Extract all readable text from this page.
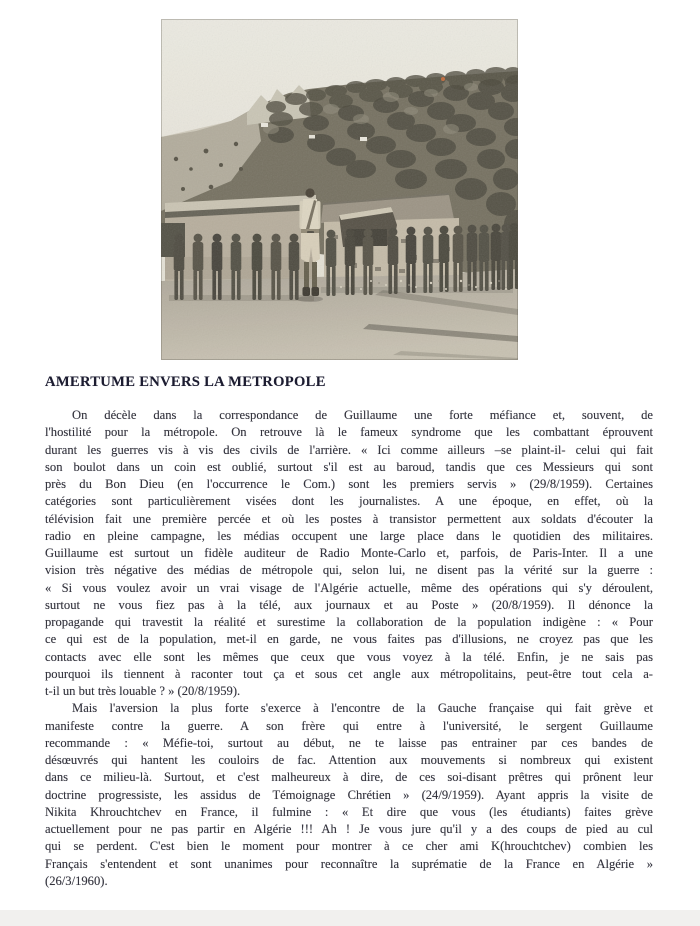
AMERTUME ENVERS LA METROPOLE
On décèle dans la correspondance de Guillaume une forte méfiance et, souvent, de
l'hostilité pour la métropole. On retrouve là le fameux syndrome que les combattant éprouvent
durant les guerres vis à vis des civils de l'arrière. « Ici comme ailleurs –se plaint-il- celui qui fait
son boulot dans un coin est oublié, surtout s'il est au baroud, tandis que ces Messieurs qui sont
près du Bon Dieu (en l'occurrence le Com.) sont les premiers servis » (29/8/1959). Certaines
catégories sont particulièrement visées dont les journalistes. A une époque, en effet, où la
télévision fait une première percée et où les postes à transistor permettent aux soldats d'écouter la
radio en pleine campagne, les médias occupent une large place dans le quotidien des militaires.
Guillaume est surtout un fidèle auditeur de Radio Monte-Carlo et, parfois, de Paris-Inter. Il a une
vision très négative des médias de métropole qui, selon lui, ne disent pas la vérité sur la guerre :
« Si vous voulez avoir un vrai visage de l'Algérie actuelle, même des opérations qui s'y déroulent,
surtout ne vous fiez pas à la télé, aux journaux et au Poste » (20/8/1959). Il dénonce la
propagande qui travestit la réalité et surestime la collaboration de la population indigène : « Pour
ce qui est de la population, met-il en garde, ne vous faites pas d'illusions, ne croyez pas que les
contacts avec elle sont les mêmes que ceux que vous voyez à la télé. Enfin, je ne sais pas
pourquoi ils tiennent à raconter tout ça et sous cet angle aux métropolitains, peut-être tout cela a-
t-il un but très louable ? » (20/8/1959).
Mais l'aversion la plus forte s'exerce à l'encontre de la Gauche française qui fait grève et
manifeste contre la guerre. A son frère qui entre à l'université, le sergent Guillaume
recommande : « Méfie-toi, surtout au début, ne te laisse pas entrainer par ces bandes de
désœuvrés qui hantent les couloirs de fac. Attention aux mouvements si nombreux qui existent
dans ce milieu-là. Surtout, et c'est malheureux à dire, de ces soi-disant prêtres qui prônent leur
doctrine progressiste, les assidus de Témoignage Chrétien » (24/9/1959). Ayant appris la visite de
Nikita Khrouchtchev en France, il fulmine : « Et dire que vous (les étudiants) faites grève
actuellement pour ne pas partir en Algérie !!! Ah ! Je vous jure qu'il y a des coups de pied au cul
qui se perdent. C'est bien le moment pour montrer à ce cher ami K(hrouchtchev) combien les
Français s'entendent et sont unanimes pour reconnaître la suprématie de la France en Algérie »
(26/3/1960).
